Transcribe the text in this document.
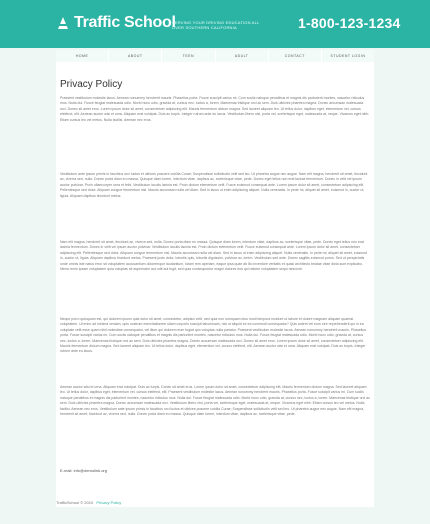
Traffic School
SERVING YOUR DRIVING EDUCATION ALL OVER SOUTHERN CALIFORNIA	1-800-123-1234
HOME	ABOUT	TEEN	ADULT	CONTACT	STUDENT LOGIN
Privacy Policy

Praesent vestibulum molestie lacus. Aenean nonummy hendrerit mauris. Phasellus porta. Fusce suscipit varius mi. Cum sociis natoque penatibus et magnis dis parturient montes, nascetur ridiculus mus. Nulla dui. Fusce feugiat malesuada odio. Morbi nunc odio, gravida at, cursus nec, luctus a, lorem. Maecenas tristique orci ac sem. Duis ultricies pharetra magna. Donec accumsan malesuada orci. Donec sit amet eros. Lorem ipsum dolor sit amet, consectetuer adipiscing elit. Mauris fermentum dictum magna. Sed laoreet aliquam leo. Ut tellus dolor, dapibus eget, elementum vel, cursus eleifend, elit. Aenean auctor wisi et urna. Aliquam erat volutpat. Duis ac turpis. Integer rutrum ante eu lacus. Vestibulum libero nisl, porta vel, scelerisque eget, malesuada at, neque. Vivamus eget nibh. Etiam cursus leo vel metus. Nulla facilisi. Aenean nec eros.

Vestibulum ante ipsum primis in faucibus orci luctus et ultrices posuere cubilia Curae; Suspendisse sollicitudin velit sed leo. Ut pharetra augue nec augue. Nam elit magna, hendrerit sit amet, tincidunt ac, viverra sed, nulla. Donec porta diam eu massa. Quisque diam lorem, interdum vitae, dapibus ac, scelerisque vitae, pede. Donec eget tellus non erat lacinia fermentum. Donec in velit vel ipsum auctor pulvinar. Proin ullamcorper urna et felis. Vestibulum iaculis lacinia est. Proin dictum elementum velit. Fusce euismod consequat ante. Lorem ipsum dolor sit amet, consectetuer adipiscing elit. Pellentesque sed dolor. Aliquam congue fermentum nisl. Mauris accumsan nulla vel diam. Sed in lacus ut enim adipiscing aliquet. Nulla venenatis. In pede mi, aliquet sit amet, euismod in, auctor ut, ligula. Aliquam dapibus tincidunt metus.

Nam elit magna, hendrerit sit amet, tincidunt ac, viverra sed, nulla. Donec porta diam eu massa. Quisque diam lorem, interdum vitae, dapibus ac, scelerisque vitae, pede. Donec eget tellus non erat lacinia fermentum. Donec in velit vel ipsum auctor pulvinar. Vestibulum iaculis lacinia est. Proin dictum elementum velit. Fusce euismod consequat ante. Lorem ipsum dolor sit amet, consectetuer adipiscing elit. Pellentesque sed dolor. Aliquam congue fermentum nisl. Mauris accumsan nulla vel diam. Sed in lacus ut enim adipiscing aliquet. Nulla venenatis. In pede mi, aliquet sit amet, euismod in, auctor ut, ligula. Aliquam dapibus tincidunt metus. Praesent justo dolor, lobortis quis, lobortis dignissim, pulvinar ac, lorem. Vestibulum sed ante. Donec sagittis euismod purus. Sed ut perspiciatis unde omnis iste natus error sit voluptatem accusantium doloremque laudantium, totam rem aperiam, eaque ipsa quae ab illo inventore veritatis et quasi architecto beatae vitae dicta sunt explicabo. Nemo enim ipsam voluptatem quia voluptas sit aspernatur aut odit aut fugit, sed quia consequuntur magni dolores eos qui ratione voluptatem sequi nesciunt.

Neque porro quisquam est, qui dolorem ipsum quia dolor sit amet, consectetur, adipisci velit, sed quia non numquam eius modi tempora incidunt ut labore et dolore magnam aliquam quaerat voluptatem. Ut enim ad minima veniam, quis nostrum exercitationem ullam corporis suscipit laboriosam, nisi ut aliquid ex ea commodi consequatur? Quis autem vel eum iure reprehenderit qui in ea voluptate velit esse quam nihil molestiae consequatur, vel illum qui dolorem eum fugiat quo voluptas nulla pariatur. Praesent vestibulum molestie lacus. Aenean nonummy hendrerit mauris. Phasellus porta. Fusce suscipit varius mi. Cum sociis natoque penatibus et magnis dis parturient montes, nascetur ridiculus mus. Nulla dui. Fusce feugiat malesuada odio. Morbi nunc odio, gravida at, cursus nec, luctus a, lorem. Maecenas tristique orci ac sem. Duis ultricies pharetra magna. Donec accumsan malesuada orci. Donec sit amet eros. Lorem ipsum dolor sit amet, consectetuer adipiscing elit. Mauris fermentum dictum magna. Sed laoreet aliquam leo. Ut tellus dolor, dapibus eget, elementum vel, cursus eleifend, elit. Aenean auctor wisi et urna. Aliquam erat volutpat. Duis ac turpis. Integer rutrum ante eu lacus.

Aenean auctor wisi et urna. Aliquam erat volutpat. Duis ac turpis. Donec sit amet eros. Lorem ipsum dolor sit amet, consectetuer adipiscing elit. Mauris fermentum dictum magna. Sed laoreet aliquam leo. Ut tellus dolor, dapibus eget, elementum vel, cursus eleifend, elit. Praesent vestibulum molestie lacus. Aenean nonummy hendrerit mauris. Phasellus porta. Fusce suscipit varius mi. Cum sociis natoque penatibus et magnis dis parturient montes, nascetur ridiculus mus. Nulla dui. Fusce feugiat malesuada odio. Morbi nunc odio, gravida at, cursus nec, luctus a, lorem. Maecenas tristique orci ac sem. Duis ultricies pharetra magna. Donec accumsan malesuada orci. Vestibulum libero nisl, porta vel, scelerisque eget, malesuada at, neque. Vivamus eget nibh. Etiam cursus leo vel metus. Nulla facilisi. Aenean nec eros. Vestibulum ante ipsum primis in faucibus orci luctus et ultrices posuere cubilia Curae; Suspendisse sollicitudin velit sed leo. Ut pharetra augue nec augue. Nam elit magna, hendrerit sit amet, tincidunt ac, viverra sed, nulla. Donec porta diam eu massa. Quisque diam lorem, interdum vitae, dapibus ac, scelerisque vitae, pede.

E-mail: info@demolink.org
TrafficSchool © 2010 Privacy Policy
